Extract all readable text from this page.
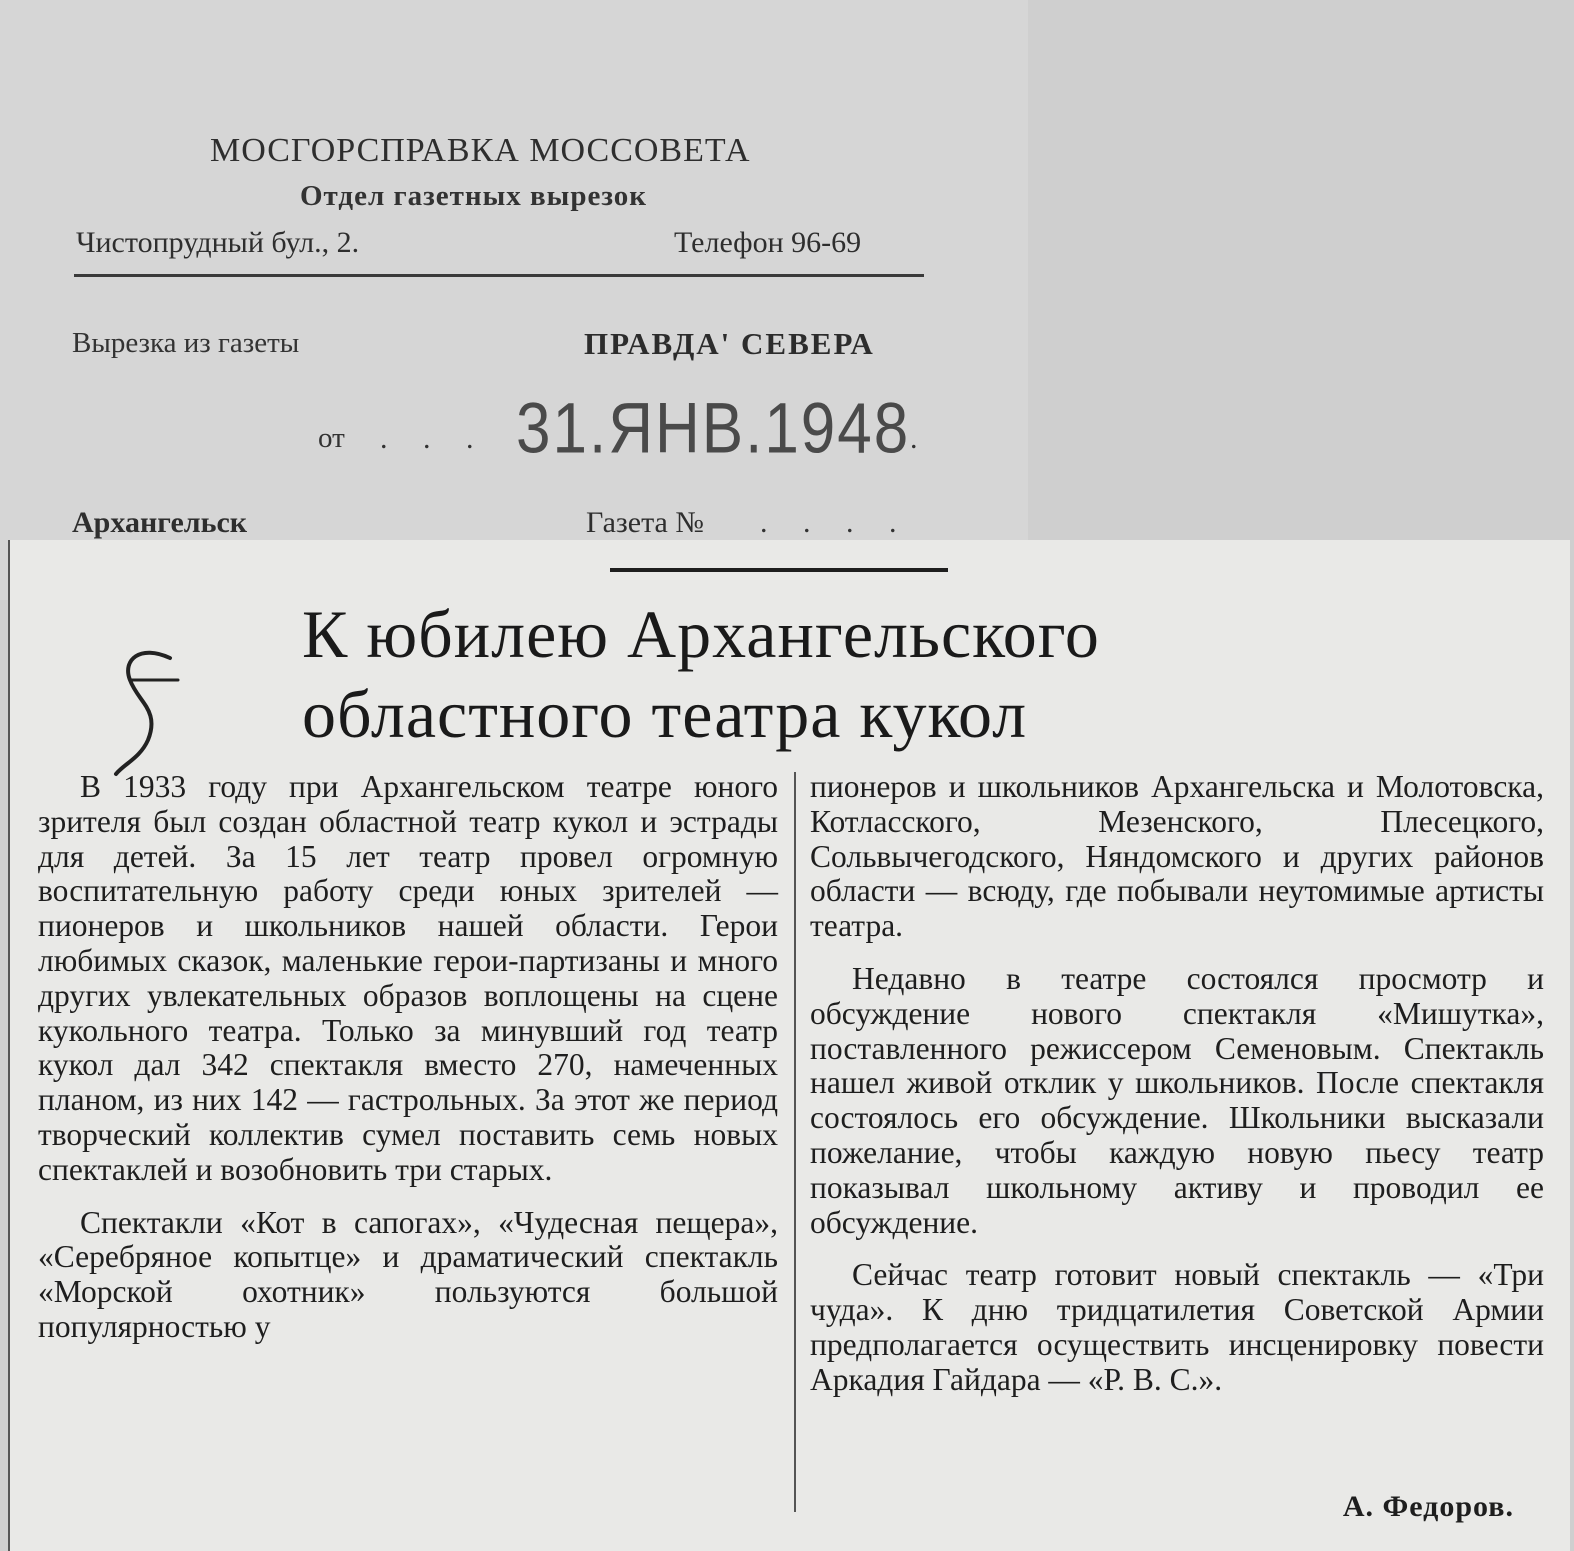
МОСГОРСПРАВКА МОССОВЕТА
Отдел газетных вырезок
Чистопрудный бул., 2.	Телефон 96-69
Вырезка из газеты	ПРАВДА' СЕВЕРА
от . . . 31.ЯНВ.1948 .
Архангельск	Газета № . . . .
К юбилею Архангельского
областного театра кукол

В 1933 году при Архангельском театре юного зрителя был создан областной театр кукол и эстрады для детей. За 15 лет театр провел огромную воспитательную работу среди юных зрителей — пионеров и школьников нашей области. Герои любимых сказок, маленькие герои-партизаны и много других увлекательных образов воплощены на сцене кукольного театра. Только за минувший год театр кукол дал 342 спектакля вместо 270, намеченных планом, из них 142 — гастрольных. За этот же период творческий коллектив сумел поставить семь новых спектаклей и возобновить три старых.

Спектакли «Кот в сапогах», «Чудесная пещера», «Серебряное копытце» и драматический спектакль «Морской охотник» пользуются большой популярностью у

пионеров и школьников Архангельска и Молотовска, Котласского, Мезенского, Плесецкого, Сольвычегодского, Няндомского и других районов области — всюду, где побывали неутомимые артисты театра.

Недавно в театре состоялся просмотр и обсуждение нового спектакля «Мишутка», поставленного режиссером Семеновым. Спектакль нашел живой отклик у школьников. После спектакля состоялось его обсуждение. Школьники высказали пожелание, чтобы каждую новую пьесу театр показывал школьному активу и проводил ее обсуждение.

Сейчас театр готовит новый спектакль — «Три чуда». К дню тридцатилетия Советской Армии предполагается осуществить инсценировку повести Аркадия Гайдара — «Р. В. С.».

А. Федоров.
